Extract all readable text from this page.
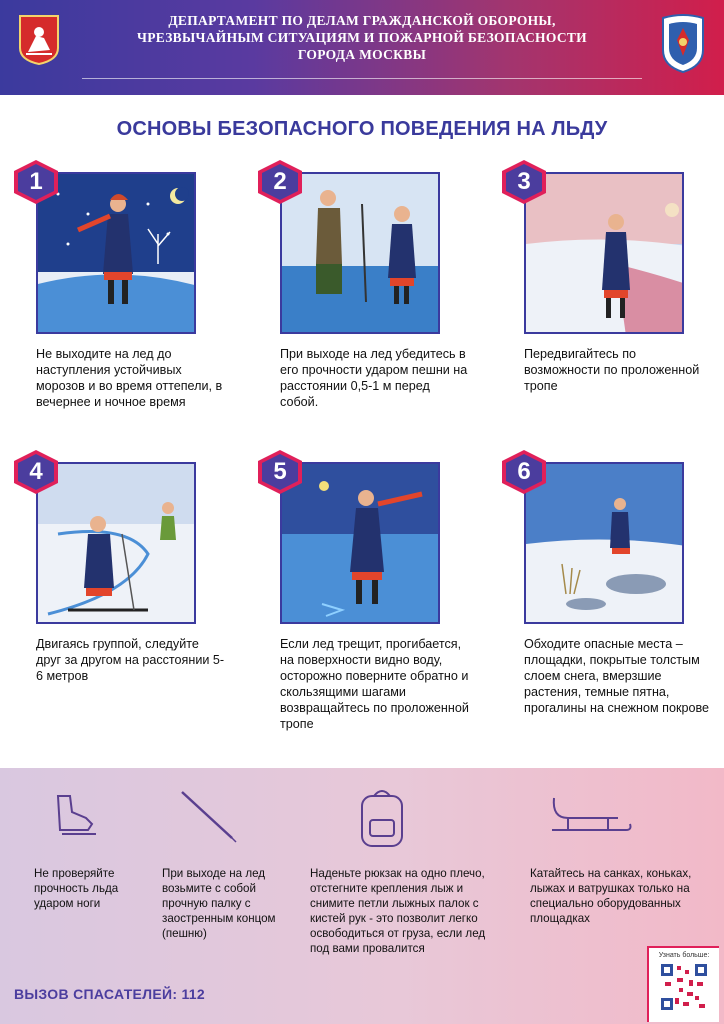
ДЕПАРТАМЕНТ ПО ДЕЛАМ ГРАЖДАНСКОЙ ОБОРОНЫ,
ЧРЕЗВЫЧАЙНЫМ СИТУАЦИЯМ И ПОЖАРНОЙ БЕЗОПАСНОСТИ
ГОРОДА МОСКВЫ
ОСНОВЫ БЕЗОПАСНОГО ПОВЕДЕНИЯ НА ЛЬДУ
1
Не выходите на лед до наступления устойчивых морозов и во время оттепели, в вечернее и ночное время
2
При выходе на лед убедитесь в его прочности ударом пешни на расстоянии 0,5-1 м перед собой.
3
Передвигайтесь по возможности по проложенной тропе
4
Двигаясь группой, следуйте друг за другом на расстоянии 5-6 метров
5
Если лед трещит, прогибается, на поверхности видно воду, осторожно поверните обратно и скользящими шагами возвращайтесь по проложенной тропе
6
Обходите опасные места – площадки, покрытые толстым слоем снега, вмерзшие растения, темные пятна, прогалины на снежном покрове
Не проверяйте прочность льда ударом ноги
При выходе на лед возьмите с собой прочную палку с заостренным концом (пешню)
Наденьте рюкзак на одно плечо, отстегните крепления лыж и снимите петли лыжных палок с кистей рук - это позволит легко освободиться от груза, если лед под вами провалится
Катайтесь на санках, коньках, лыжах и ватрушках только на специально оборудованных площадках
ВЫЗОВ СПАСАТЕЛЕЙ: 112
Узнать больше:
